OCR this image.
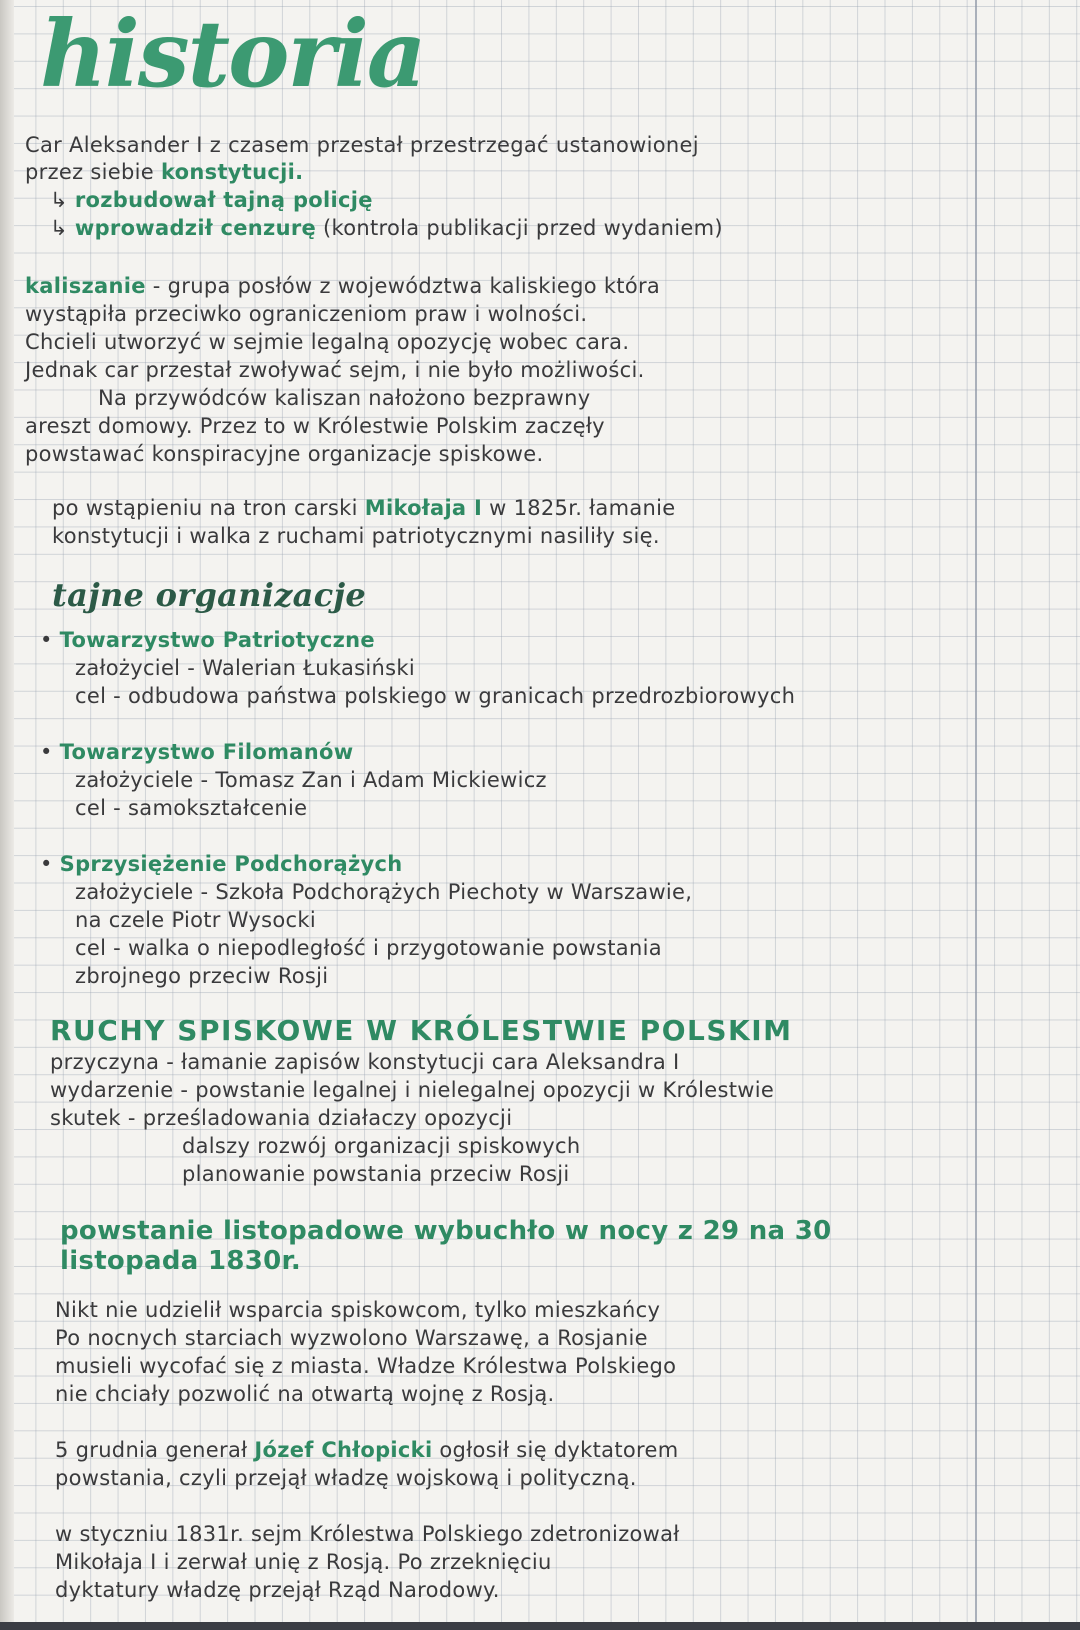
historia
Car Aleksander I z czasem przestał przestrzegać ustanowionej
przez siebie konstytucji.
↳ rozbudował tajną policję
↳ wprowadził cenzurę (kontrola publikacji przed wydaniem)
kaliszanie - grupa posłów z województwa kaliskiego która
wystąpiła przeciwko ograniczeniom praw i wolności.
Chcieli utworzyć w sejmie legalną opozycję wobec cara.
Jednak car przestał zwoływać sejm, i nie było możliwości.
Na przywódców kaliszan nałożono bezprawny
areszt domowy. Przez to w Królestwie Polskim zaczęły
powstawać konspiracyjne organizacje spiskowe.
po wstąpieniu na tron carski Mikołaja I w 1825r. łamanie
konstytucji i walka z ruchami patriotycznymi nasiliły się.
tajne organizacje
• Towarzystwo Patriotyczne
założyciel - Walerian Łukasiński
cel - odbudowa państwa polskiego w granicach przedrozbiorowych
• Towarzystwo Filomanów
założyciele - Tomasz Zan i Adam Mickiewicz
cel - samokształcenie
• Sprzysiężenie Podchorążych
założyciele - Szkoła Podchorążych Piechoty w Warszawie,
na czele Piotr Wysocki
cel - walka o niepodległość i przygotowanie powstania
zbrojnego przeciw Rosji
RUCHY SPISKOWE W KRÓLESTWIE POLSKIM
przyczyna - łamanie zapisów konstytucji cara Aleksandra I
wydarzenie - powstanie legalnej i nielegalnej opozycji w Królestwie
skutek - prześladowania działaczy opozycji
dalszy rozwój organizacji spiskowych
planowanie powstania przeciw Rosji
powstanie listopadowe wybuchło w nocy z 29 na 30
listopada 1830r.
Nikt nie udzielił wsparcia spiskowcom, tylko mieszkańcy
Po nocnych starciach wyzwolono Warszawę, a Rosjanie
musieli wycofać się z miasta. Władze Królestwa Polskiego
nie chciały pozwolić na otwartą wojnę z Rosją.
5 grudnia generał Józef Chłopicki ogłosił się dyktatorem
powstania, czyli przejął władzę wojskową i polityczną.
w styczniu 1831r. sejm Królestwa Polskiego zdetronizował
Mikołaja I i zerwał unię z Rosją. Po zrzeknięciu
dyktatury władzę przejął Rząd Narodowy.
